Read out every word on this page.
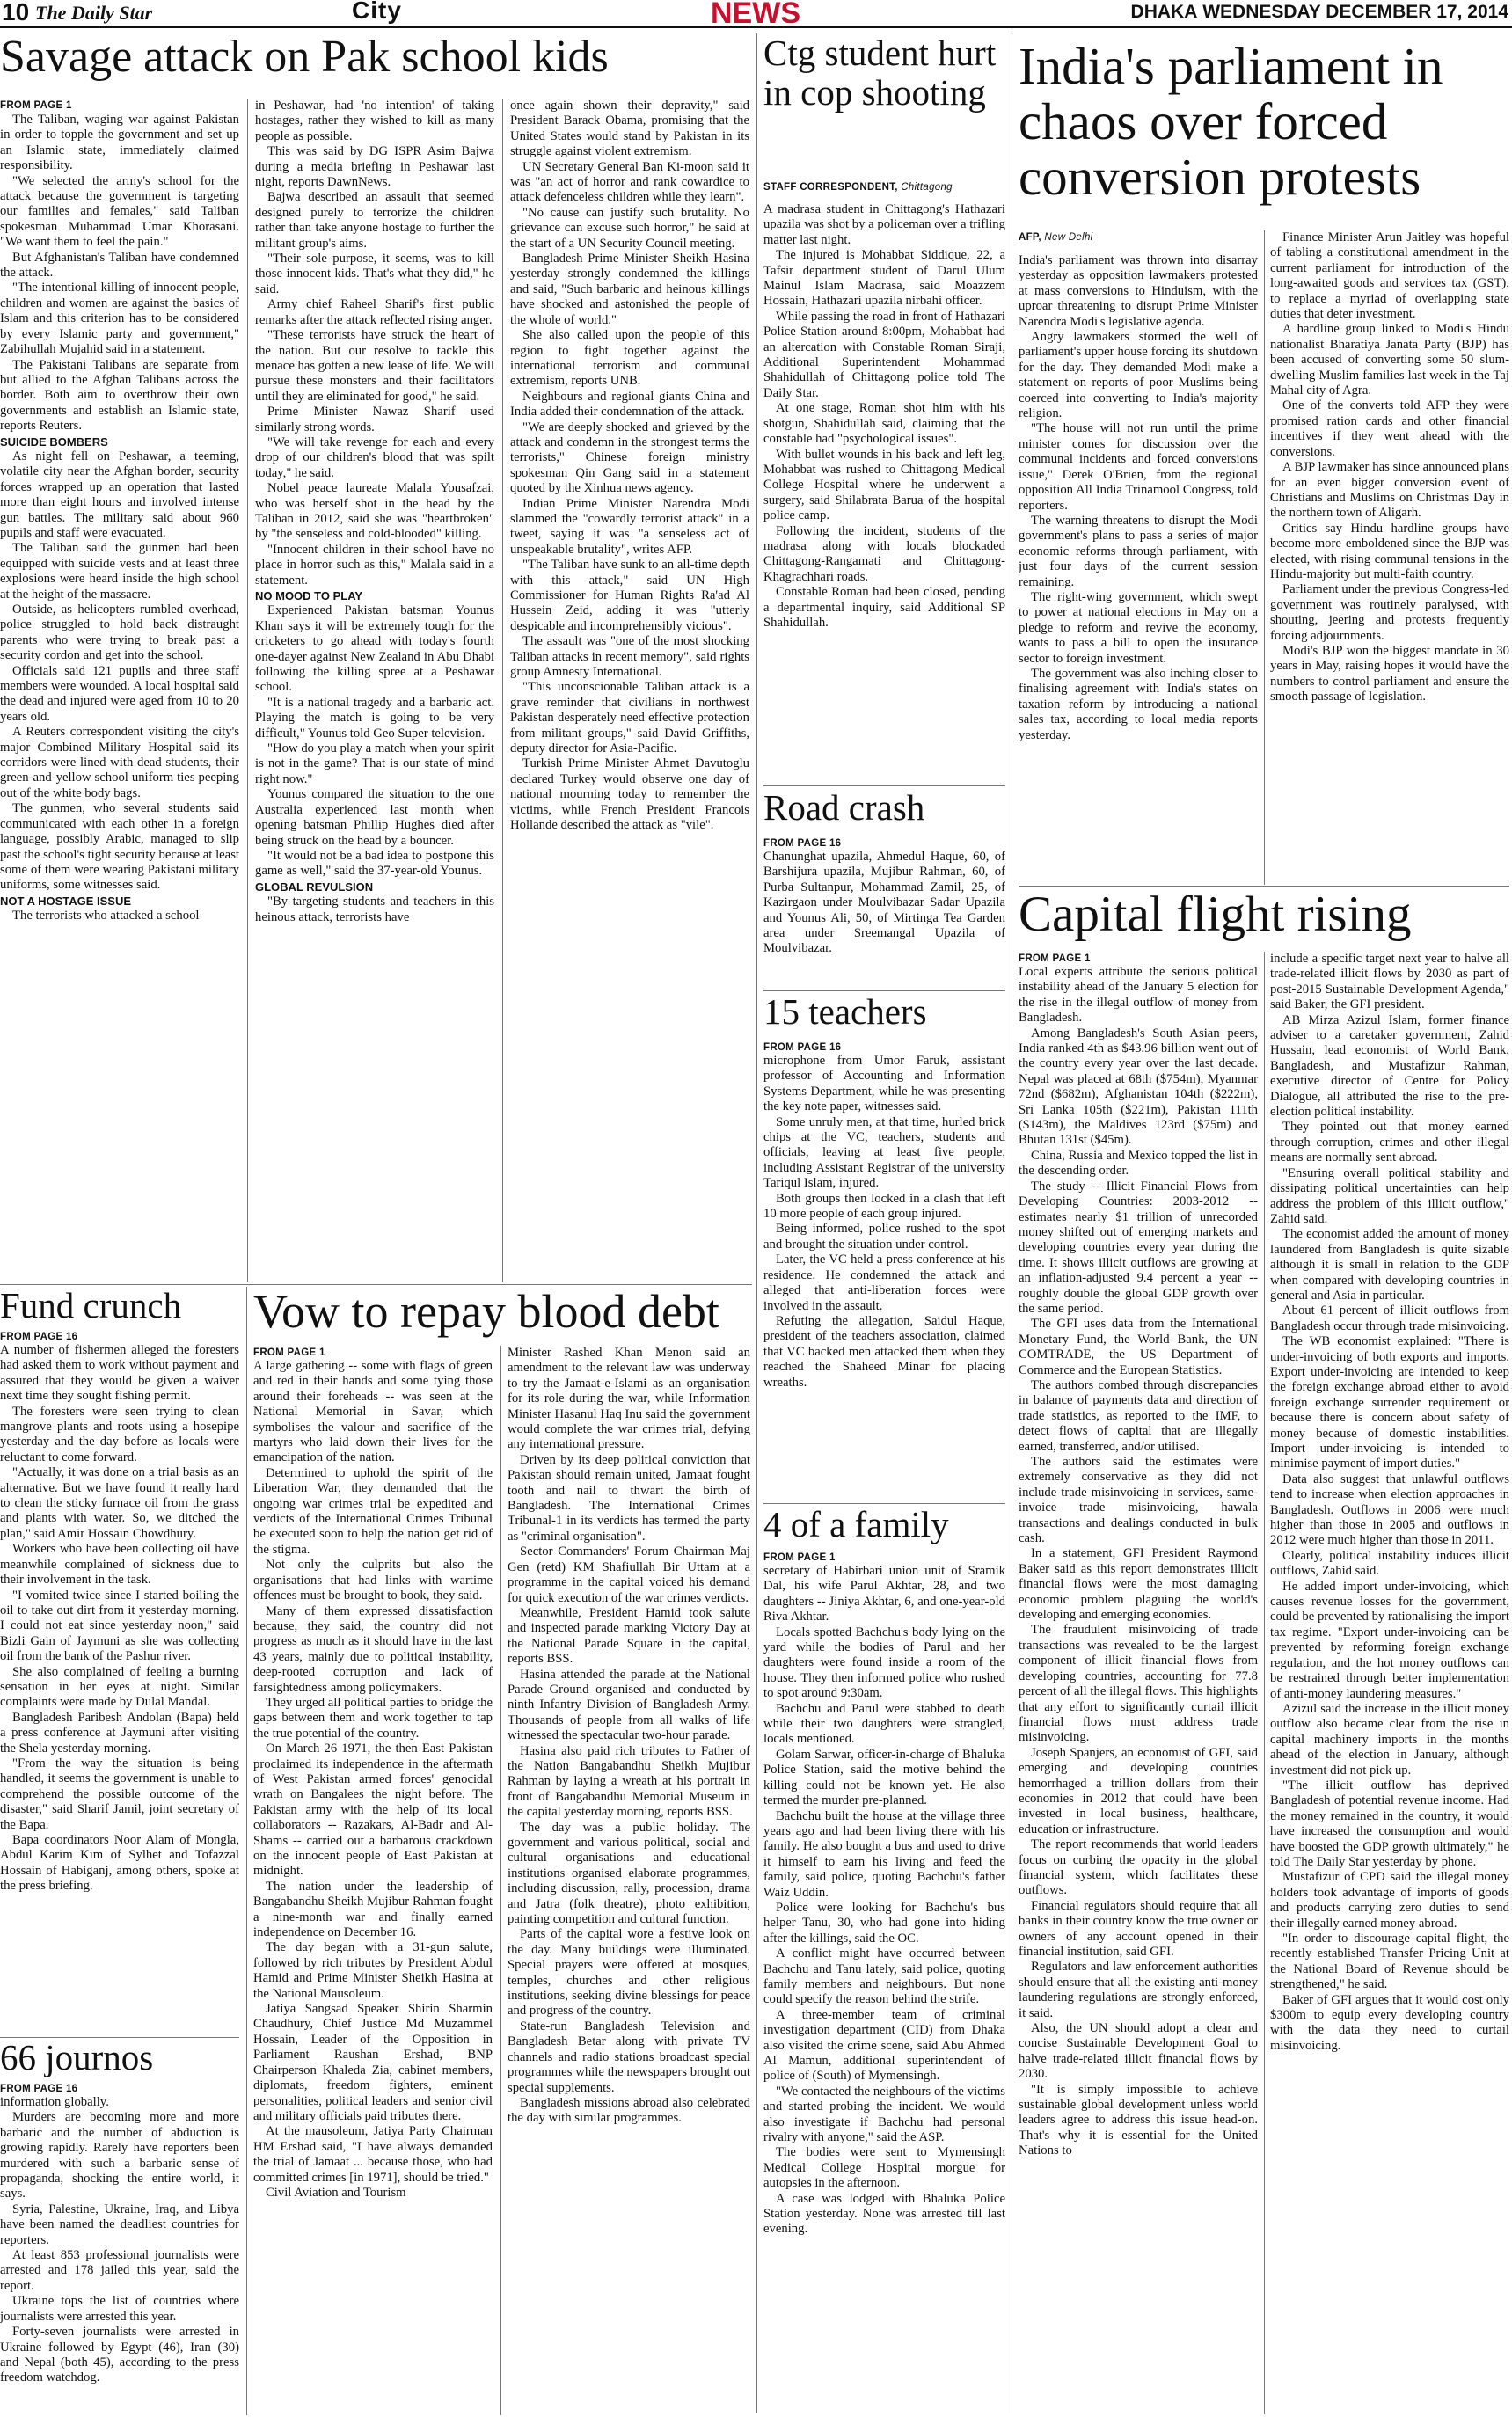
10 The Daily Star	City	NEWS	DHAKA WEDNESDAY DECEMBER 17, 2014
Savage attack on Pak school kids
FROM PAGE 1

The Taliban, waging war against Pakistan in order to topple the government and set up an Islamic state, immediately claimed responsibility.

"We selected the army's school for the attack because the government is targeting our families and females," said Taliban spokesman Muhammad Umar Khorasani. "We want them to feel the pain."

But Afghanistan's Taliban have condemned the attack.

"The intentional killing of innocent people, children and women are against the basics of Islam and this criterion has to be considered by every Islamic party and government," Zabihullah Mujahid said in a statement.

The Pakistani Talibans are separate from but allied to the Afghan Talibans across the border. Both aim to overthrow their own governments and establish an Islamic state, reports Reuters.

SUICIDE BOMBERS

As night fell on Peshawar, a teeming, volatile city near the Afghan border, security forces wrapped up an operation that lasted more than eight hours and involved intense gun battles. The military said about 960 pupils and staff were evacuated.

The Taliban said the gunmen had been equipped with suicide vests and at least three explosions were heard inside the high school at the height of the massacre.

Outside, as helicopters rumbled overhead, police struggled to hold back distraught parents who were trying to break past a security cordon and get into the school.

Officials said 121 pupils and three staff members were wounded. A local hospital said the dead and injured were aged from 10 to 20 years old.

A Reuters correspondent visiting the city's major Combined Military Hospital said its corridors were lined with dead students, their green-and-yellow school uniform ties peeping out of the white body bags.

The gunmen, who several students said communicated with each other in a foreign language, possibly Arabic, managed to slip past the school's tight security because at least some of them were wearing Pakistani military uniforms, some witnesses said.

NOT A HOSTAGE ISSUE

The terrorists who attacked a school

in Peshawar, had 'no intention' of taking hostages, rather they wished to kill as many people as possible.

This was said by DG ISPR Asim Bajwa during a media briefing in Peshawar last night, reports DawnNews.

Bajwa described an assault that seemed designed purely to terrorize the children rather than take anyone hostage to further the militant group's aims.

"Their sole purpose, it seems, was to kill those innocent kids. That's what they did," he said.

Army chief Raheel Sharif's first public remarks after the attack reflected rising anger.

"These terrorists have struck the heart of the nation. But our resolve to tackle this menace has gotten a new lease of life. We will pursue these monsters and their facilitators until they are eliminated for good," he said.

Prime Minister Nawaz Sharif used similarly strong words.

"We will take revenge for each and every drop of our children's blood that was spilt today," he said.

Nobel peace laureate Malala Yousafzai, who was herself shot in the head by the Taliban in 2012, said she was "heartbroken" by "the senseless and cold-blooded" killing.

"Innocent children in their school have no place in horror such as this," Malala said in a statement.

NO MOOD TO PLAY

Experienced Pakistan batsman Younus Khan says it will be extremely tough for the cricketers to go ahead with today's fourth one-dayer against New Zealand in Abu Dhabi following the killing spree at a Peshawar school.

"It is a national tragedy and a barbaric act. Playing the match is going to be very difficult," Younus told Geo Super television.

"How do you play a match when your spirit is not in the game? That is our state of mind right now."

Younus compared the situation to the one Australia experienced last month when opening batsman Phillip Hughes died after being struck on the head by a bouncer.

"It would not be a bad idea to postpone this game as well," said the 37-year-old Younus.

GLOBAL REVULSION

"By targeting students and teachers in this heinous attack, terrorists have

once again shown their depravity," said President Barack Obama, promising that the United States would stand by Pakistan in its struggle against violent extremism.

UN Secretary General Ban Ki-moon said it was "an act of horror and rank cowardice to attack defenceless children while they learn".

"No cause can justify such brutality. No grievance can excuse such horror," he said at the start of a UN Security Council meeting.

Bangladesh Prime Minister Sheikh Hasina yesterday strongly condemned the killings and said, "Such barbaric and heinous killings have shocked and astonished the people of the whole of world."

She also called upon the people of this region to fight together against the international terrorism and communal extremism, reports UNB.

Neighbours and regional giants China and India added their condemnation of the attack.

"We are deeply shocked and grieved by the attack and condemn in the strongest terms the terrorists," Chinese foreign ministry spokesman Qin Gang said in a statement quoted by the Xinhua news agency.

Indian Prime Minister Narendra Modi slammed the "cowardly terrorist attack" in a tweet, saying it was "a senseless act of unspeakable brutality", writes AFP.

"The Taliban have sunk to an all-time depth with this attack," said UN High Commissioner for Human Rights Ra'ad Al Hussein Zeid, adding it was "utterly despicable and incomprehensibly vicious".

The assault was "one of the most shocking Taliban attacks in recent memory", said rights group Amnesty International.

"This unconscionable Taliban attack is a grave reminder that civilians in northwest Pakistan desperately need effective protection from militant groups," said David Griffiths, deputy director for Asia-Pacific.

Turkish Prime Minister Ahmet Davutoglu declared Turkey would observe one day of national mourning today to remember the victims, while French President Francois Hollande described the attack as "vile".

Ctg student hurt in cop shooting
STAFF CORRESPONDENT, Chittagong

A madrasa student in Chittagong's Hathazari upazila was shot by a policeman over a trifling matter last night.

The injured is Mohabbat Siddique, 22, a Tafsir department student of Darul Ulum Mainul Islam Madrasa, said Moazzem Hossain, Hathazari upazila nirbahi officer.

While passing the road in front of Hathazari Police Station around 8:00pm, Mohabbat had an altercation with Constable Roman Siraji, Additional Superintendent Mohammad Shahidullah of Chittagong police told The Daily Star.

At one stage, Roman shot him with his shotgun, Shahidullah said, claiming that the constable had "psychological issues".

With bullet wounds in his back and left leg, Mohabbat was rushed to Chittagong Medical College Hospital where he underwent a surgery, said Shilabrata Barua of the hospital police camp.

Following the incident, students of the madrasa along with locals blockaded Chittagong-Rangamati and Chittagong-Khagrachhari roads.

Constable Roman had been closed, pending a departmental inquiry, said Additional SP Shahidullah.

Road crash
FROM PAGE 16

Chanunghat upazila, Ahmedul Haque, 60, of Barshijura upazila, Mujibur Rahman, 60, of Purba Sultanpur, Mohammad Zamil, 25, of Kazirgaon under Moulvibazar Sadar Upazila and Younus Ali, 50, of Mirtinga Tea Garden area under Sreemangal Upazila of Moulvibazar.

15 teachers
FROM PAGE 16

microphone from Umor Faruk, assistant professor of Accounting and Information Systems Department, while he was presenting the key note paper, witnesses said.

Some unruly men, at that time, hurled brick chips at the VC, teachers, students and officials, leaving at least five people, including Assistant Registrar of the university Tariqul Islam, injured.

Both groups then locked in a clash that left 10 more people of each group injured.

Being informed, police rushed to the spot and brought the situation under control.

Later, the VC held a press conference at his residence. He condemned the attack and alleged that anti-liberation forces were involved in the assault.

Refuting the allegation, Saidul Haque, president of the teachers association, claimed that VC backed men attacked them when they reached the Shaheed Minar for placing wreaths.

4 of a family
FROM PAGE 1

secretary of Habirbari union unit of Sramik Dal, his wife Parul Akhtar, 28, and two daughters -- Jiniya Akhtar, 6, and one-year-old Riva Akhtar.

Locals spotted Bachchu's body lying on the yard while the bodies of Parul and her daughters were found inside a room of the house. They then informed police who rushed to spot around 9:30am.

Bachchu and Parul were stabbed to death while their two daughters were strangled, locals mentioned.

Golam Sarwar, officer-in-charge of Bhaluka Police Station, said the motive behind the killing could not be known yet. He also termed the murder pre-planned.

Bachchu built the house at the village three years ago and had been living there with his family. He also bought a bus and used to drive it himself to earn his living and feed the family, said police, quoting Bachchu's father Waiz Uddin.

Police were looking for Bachchu's bus helper Tanu, 30, who had gone into hiding after the killings, said the OC.

A conflict might have occurred between Bachchu and Tanu lately, said police, quoting family members and neighbours. But none could specify the reason behind the strife.

A three-member team of criminal investigation department (CID) from Dhaka also visited the crime scene, said Abu Ahmed Al Mamun, additional superintendent of police of (South) of Mymensingh.

"We contacted the neighbours of the victims and started probing the incident. We would also investigate if Bachchu had personal rivalry with anyone," said the ASP.

The bodies were sent to Mymensingh Medical College Hospital morgue for autopsies in the afternoon.

A case was lodged with Bhaluka Police Station yesterday. None was arrested till last evening.

India's parliament in chaos over forced conversion protests
AFP, New Delhi

India's parliament was thrown into disarray yesterday as opposition lawmakers protested at mass conversions to Hinduism, with the uproar threatening to disrupt Prime Minister Narendra Modi's legislative agenda.

Angry lawmakers stormed the well of parliament's upper house forcing its shutdown for the day. They demanded Modi make a statement on reports of poor Muslims being coerced into converting to India's majority religion.

"The house will not run until the prime minister comes for discussion over the communal incidents and forced conversions issue," Derek O'Brien, from the regional opposition All India Trinamool Congress, told reporters.

The warning threatens to disrupt the Modi government's plans to pass a series of major economic reforms through parliament, with just four days of the current session remaining.

The right-wing government, which swept to power at national elections in May on a pledge to reform and revive the economy, wants to pass a bill to open the insurance sector to foreign investment.

The government was also inching closer to finalising agreement with India's states on taxation reform by introducing a national sales tax, according to local media reports yesterday.

Finance Minister Arun Jaitley was hopeful of tabling a constitutional amendment in the current parliament for introduction of the long-awaited goods and services tax (GST), to replace a myriad of overlapping state duties that deter investment.

A hardline group linked to Modi's Hindu nationalist Bharatiya Janata Party (BJP) has been accused of converting some 50 slum-dwelling Muslim families last week in the Taj Mahal city of Agra.

One of the converts told AFP they were promised ration cards and other financial incentives if they went ahead with the conversions.

A BJP lawmaker has since announced plans for an even bigger conversion event of Christians and Muslims on Christmas Day in the northern town of Aligarh.

Critics say Hindu hardline groups have become more emboldened since the BJP was elected, with rising communal tensions in the Hindu-majority but multi-faith country.

Parliament under the previous Congress-led government was routinely paralysed, with shouting, jeering and protests frequently forcing adjournments.

Modi's BJP won the biggest mandate in 30 years in May, raising hopes it would have the numbers to control parliament and ensure the smooth passage of legislation.

Capital flight rising
FROM PAGE 1

Local experts attribute the serious political instability ahead of the January 5 election for the rise in the illegal outflow of money from Bangladesh.

Among Bangladesh's South Asian peers, India ranked 4th as $43.96 billion went out of the country every year over the last decade. Nepal was placed at 68th ($754m), Myanmar 72nd ($682m), Afghanistan 104th ($222m), Sri Lanka 105th ($221m), Pakistan 111th ($143m), the Maldives 123rd ($75m) and Bhutan 131st ($45m).

China, Russia and Mexico topped the list in the descending order.

The study -- Illicit Financial Flows from Developing Countries: 2003-2012 -- estimates nearly $1 trillion of unrecorded money shifted out of emerging markets and developing countries every year during the time. It shows illicit outflows are growing at an inflation-adjusted 9.4 percent a year -- roughly double the global GDP growth over the same period.

The GFI uses data from the International Monetary Fund, the World Bank, the UN COMTRADE, the US Department of Commerce and the European Statistics.

The authors combed through discrepancies in balance of payments data and direction of trade statistics, as reported to the IMF, to detect flows of capital that are illegally earned, transferred, and/or utilised.

The authors said the estimates were extremely conservative as they did not include trade misinvoicing in services, same-invoice trade misinvoicing, hawala transactions and dealings conducted in bulk cash.

In a statement, GFI President Raymond Baker said as this report demonstrates illicit financial flows were the most damaging economic problem plaguing the world's developing and emerging economies.

The fraudulent misinvoicing of trade transactions was revealed to be the largest component of illicit financial flows from developing countries, accounting for 77.8 percent of all the illegal flows. This highlights that any effort to significantly curtail illicit financial flows must address trade misinvoicing.

Joseph Spanjers, an economist of GFI, said emerging and developing countries hemorrhaged a trillion dollars from their economies in 2012 that could have been invested in local business, healthcare, education or infrastructure.

The report recommends that world leaders focus on curbing the opacity in the global financial system, which facilitates these outflows.

Financial regulators should require that all banks in their country know the true owner or owners of any account opened in their financial institution, said GFI.

Regulators and law enforcement authorities should ensure that all the existing anti-money laundering regulations are strongly enforced, it said.

Also, the UN should adopt a clear and concise Sustainable Development Goal to halve trade-related illicit financial flows by 2030.

"It is simply impossible to achieve sustainable global development unless world leaders agree to address this issue head-on. That's why it is essential for the United Nations to

include a specific target next year to halve all trade-related illicit flows by 2030 as part of post-2015 Sustainable Development Agenda," said Baker, the GFI president.

AB Mirza Azizul Islam, former finance adviser to a caretaker government, Zahid Hussain, lead economist of World Bank, Bangladesh, and Mustafizur Rahman, executive director of Centre for Policy Dialogue, all attributed the rise to the pre-election political instability.

They pointed out that money earned through corruption, crimes and other illegal means are normally sent abroad.

"Ensuring overall political stability and dissipating political uncertainties can help address the problem of this illicit outflow," Zahid said.

The economist added the amount of money laundered from Bangladesh is quite sizable although it is small in relation to the GDP when compared with developing countries in general and Asia in particular.

About 61 percent of illicit outflows from Bangladesh occur through trade misinvoicing.

The WB economist explained: "There is under-invoicing of both exports and imports. Export under-invoicing are intended to keep the foreign exchange abroad either to avoid foreign exchange surrender requirement or because there is concern about safety of money because of domestic instabilities. Import under-invoicing is intended to minimise payment of import duties."

Data also suggest that unlawful outflows tend to increase when election approaches in Bangladesh. Outflows in 2006 were much higher than those in 2005 and outflows in 2012 were much higher than those in 2011.

Clearly, political instability induces illicit outflows, Zahid said.

He added import under-invoicing, which causes revenue losses for the government, could be prevented by rationalising the import tax regime. "Export under-invoicing can be prevented by reforming foreign exchange regulation, and the hot money outflows can be restrained through better implementation of anti-money laundering measures."

Azizul said the increase in the illicit money outflow also became clear from the rise in capital machinery imports in the months ahead of the election in January, although investment did not pick up.

"The illicit outflow has deprived Bangladesh of potential revenue income. Had the money remained in the country, it would have increased the consumption and would have boosted the GDP growth ultimately," he told The Daily Star yesterday by phone.

Mustafizur of CPD said the illegal money holders took advantage of imports of goods and products carrying zero duties to send their illegally earned money abroad.

"In order to discourage capital flight, the recently established Transfer Pricing Unit at the National Board of Revenue should be strengthened," he said.

Baker of GFI argues that it would cost only $300m to equip every developing country with the data they need to curtail misinvoicing.

Fund crunch
FROM PAGE 16

A number of fishermen alleged the foresters had asked them to work without payment and assured that they would be given a waiver next time they sought fishing permit.

The foresters were seen trying to clean mangrove plants and roots using a hosepipe yesterday and the day before as locals were reluctant to come forward.

"Actually, it was done on a trial basis as an alternative. But we have found it really hard to clean the sticky furnace oil from the grass and plants with water. So, we ditched the plan," said Amir Hossain Chowdhury.

Workers who have been collecting oil have meanwhile complained of sickness due to their involvement in the task.

"I vomited twice since I started boiling the oil to take out dirt from it yesterday morning. I could not eat since yesterday noon," said Bizli Gain of Jaymuni as she was collecting oil from the bank of the Pashur river.

She also complained of feeling a burning sensation in her eyes at night. Similar complaints were made by Dulal Mandal.

Bangladesh Paribesh Andolan (Bapa) held a press conference at Jaymuni after visiting the Shela yesterday morning.

"From the way the situation is being handled, it seems the government is unable to comprehend the possible outcome of the disaster," said Sharif Jamil, joint secretary of the Bapa.

Bapa coordinators Noor Alam of Mongla, Abdul Karim Kim of Sylhet and Tofazzal Hossain of Habiganj, among others, spoke at the press briefing.

66 journos
FROM PAGE 16

information globally.

Murders are becoming more and more barbaric and the number of abduction is growing rapidly. Rarely have reporters been murdered with such a barbaric sense of propaganda, shocking the entire world, it says.

Syria, Palestine, Ukraine, Iraq, and Libya have been named the deadliest countries for reporters.

At least 853 professional journalists were arrested and 178 jailed this year, said the report.

Ukraine tops the list of countries where journalists were arrested this year.

Forty-seven journalists were arrested in Ukraine followed by Egypt (46), Iran (30) and Nepal (both 45), according to the press freedom watchdog.

Vow to repay blood debt
FROM PAGE 1

A large gathering -- some with flags of green and red in their hands and some tying those around their foreheads -- was seen at the National Memorial in Savar, which symbolises the valour and sacrifice of the martyrs who laid down their lives for the emancipation of the nation.

Determined to uphold the spirit of the Liberation War, they demanded that the ongoing war crimes trial be expedited and verdicts of the International Crimes Tribunal be executed soon to help the nation get rid of the stigma.

Not only the culprits but also the organisations that had links with wartime offences must be brought to book, they said.

Many of them expressed dissatisfaction because, they said, the country did not progress as much as it should have in the last 43 years, mainly due to political instability, deep-rooted corruption and lack of farsightedness among policymakers.

They urged all political parties to bridge the gaps between them and work together to tap the true potential of the country.

On March 26 1971, the then East Pakistan proclaimed its independence in the aftermath of West Pakistan armed forces' genocidal wrath on Bangalees the night before. The Pakistan army with the help of its local collaborators -- Razakars, Al-Badr and Al-Shams -- carried out a barbarous crackdown on the innocent people of East Pakistan at midnight.

The nation under the leadership of Bangabandhu Sheikh Mujibur Rahman fought a nine-month war and finally earned independence on December 16.

The day began with a 31-gun salute, followed by rich tributes by President Abdul Hamid and Prime Minister Sheikh Hasina at the National Mausoleum.

Jatiya Sangsad Speaker Shirin Sharmin Chaudhury, Chief Justice Md Muzammel Hossain, Leader of the Opposition in Parliament Raushan Ershad, BNP Chairperson Khaleda Zia, cabinet members, diplomats, freedom fighters, eminent personalities, political leaders and senior civil and military officials paid tributes there.

At the mausoleum, Jatiya Party Chairman HM Ershad said, "I have always demanded the trial of Jamaat ... because those, who had committed crimes [in 1971], should be tried."

Civil Aviation and Tourism

Minister Rashed Khan Menon said an amendment to the relevant law was underway to try the Jamaat-e-Islami as an organisation for its role during the war, while Information Minister Hasanul Haq Inu said the government would complete the war crimes trial, defying any international pressure.

Driven by its deep political conviction that Pakistan should remain united, Jamaat fought tooth and nail to thwart the birth of Bangladesh. The International Crimes Tribunal-1 in its verdicts has termed the party as "criminal organisation".

Sector Commanders' Forum Chairman Maj Gen (retd) KM Shafiullah Bir Uttam at a programme in the capital voiced his demand for quick execution of the war crimes verdicts.

Meanwhile, President Hamid took salute and inspected parade marking Victory Day at the National Parade Square in the capital, reports BSS.

Hasina attended the parade at the National Parade Ground organised and conducted by ninth Infantry Division of Bangladesh Army. Thousands of people from all walks of life witnessed the spectacular two-hour parade.

Hasina also paid rich tributes to Father of the Nation Bangabandhu Sheikh Mujibur Rahman by laying a wreath at his portrait in front of Bangabandhu Memorial Museum in the capital yesterday morning, reports BSS.

The day was a public holiday. The government and various political, social and cultural organisations and educational institutions organised elaborate programmes, including discussion, rally, procession, drama and Jatra (folk theatre), photo exhibition, painting competition and cultural function.

Parts of the capital wore a festive look on the day. Many buildings were illuminated. Special prayers were offered at mosques, temples, churches and other religious institutions, seeking divine blessings for peace and progress of the country.

State-run Bangladesh Television and Bangladesh Betar along with private TV channels and radio stations broadcast special programmes while the newspapers brought out special supplements.

Bangladesh missions abroad also celebrated the day with similar programmes.
